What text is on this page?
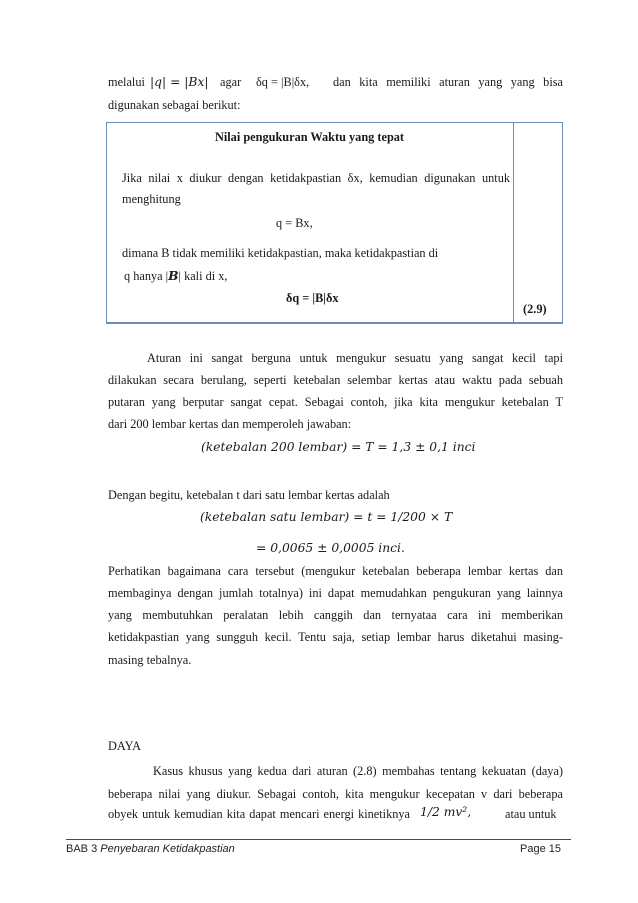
melalui |q| = |Bx| agar δq = |B|δx, dan kita memiliki aturan yang yang bisa
digunakan sebagai berikut:
Nilai pengukuran Waktu yang tepat
Jika nilai x diukur dengan ketidakpastian δx, kemudian digunakan untuk
menghitung
q = Bx,
dimana B tidak memiliki ketidakpastian, maka ketidakpastian di
q hanya |B| kali di x,
δq = |B|δx
(2.9)
Aturan ini sangat berguna untuk mengukur sesuatu yang sangat kecil tapi
dilakukan secara berulang, seperti ketebalan selembar kertas atau waktu pada sebuah
putaran yang berputar sangat cepat. Sebagai contoh, jika kita mengukur ketebalan T
dari 200 lembar kertas dan memperoleh jawaban:
(ketebalan 200 lembar) = T = 1,3 ± 0,1 inci
Dengan begitu, ketebalan t dari satu lembar kertas adalah
(ketebalan satu lembar) = t = 1/200 × T
= 0,0065 ± 0,0005 inci.
Perhatikan bagaimana cara tersebut (mengukur ketebalan beberapa lembar kertas dan
membaginya dengan jumlah totalnya) ini dapat memudahkan pengukuran yang lainnya
yang membutuhkan peralatan lebih canggih dan ternyataa cara ini memberikan
ketidakpastian yang sungguh kecil. Tentu saja, setiap lembar harus diketahui masing-
masing tebalnya.
DAYA
Kasus khusus yang kedua dari aturan (2.8) membahas tentang kekuatan (daya)
beberapa nilai yang diukur. Sebagai contoh, kita mengukur kecepatan v dari beberapa
obyek untuk kemudian kita dapat mencari energi kinetiknya 1/2 mv²,	atau untuk
BAB 3 Penyebaran Ketidakpastian	Page 15
